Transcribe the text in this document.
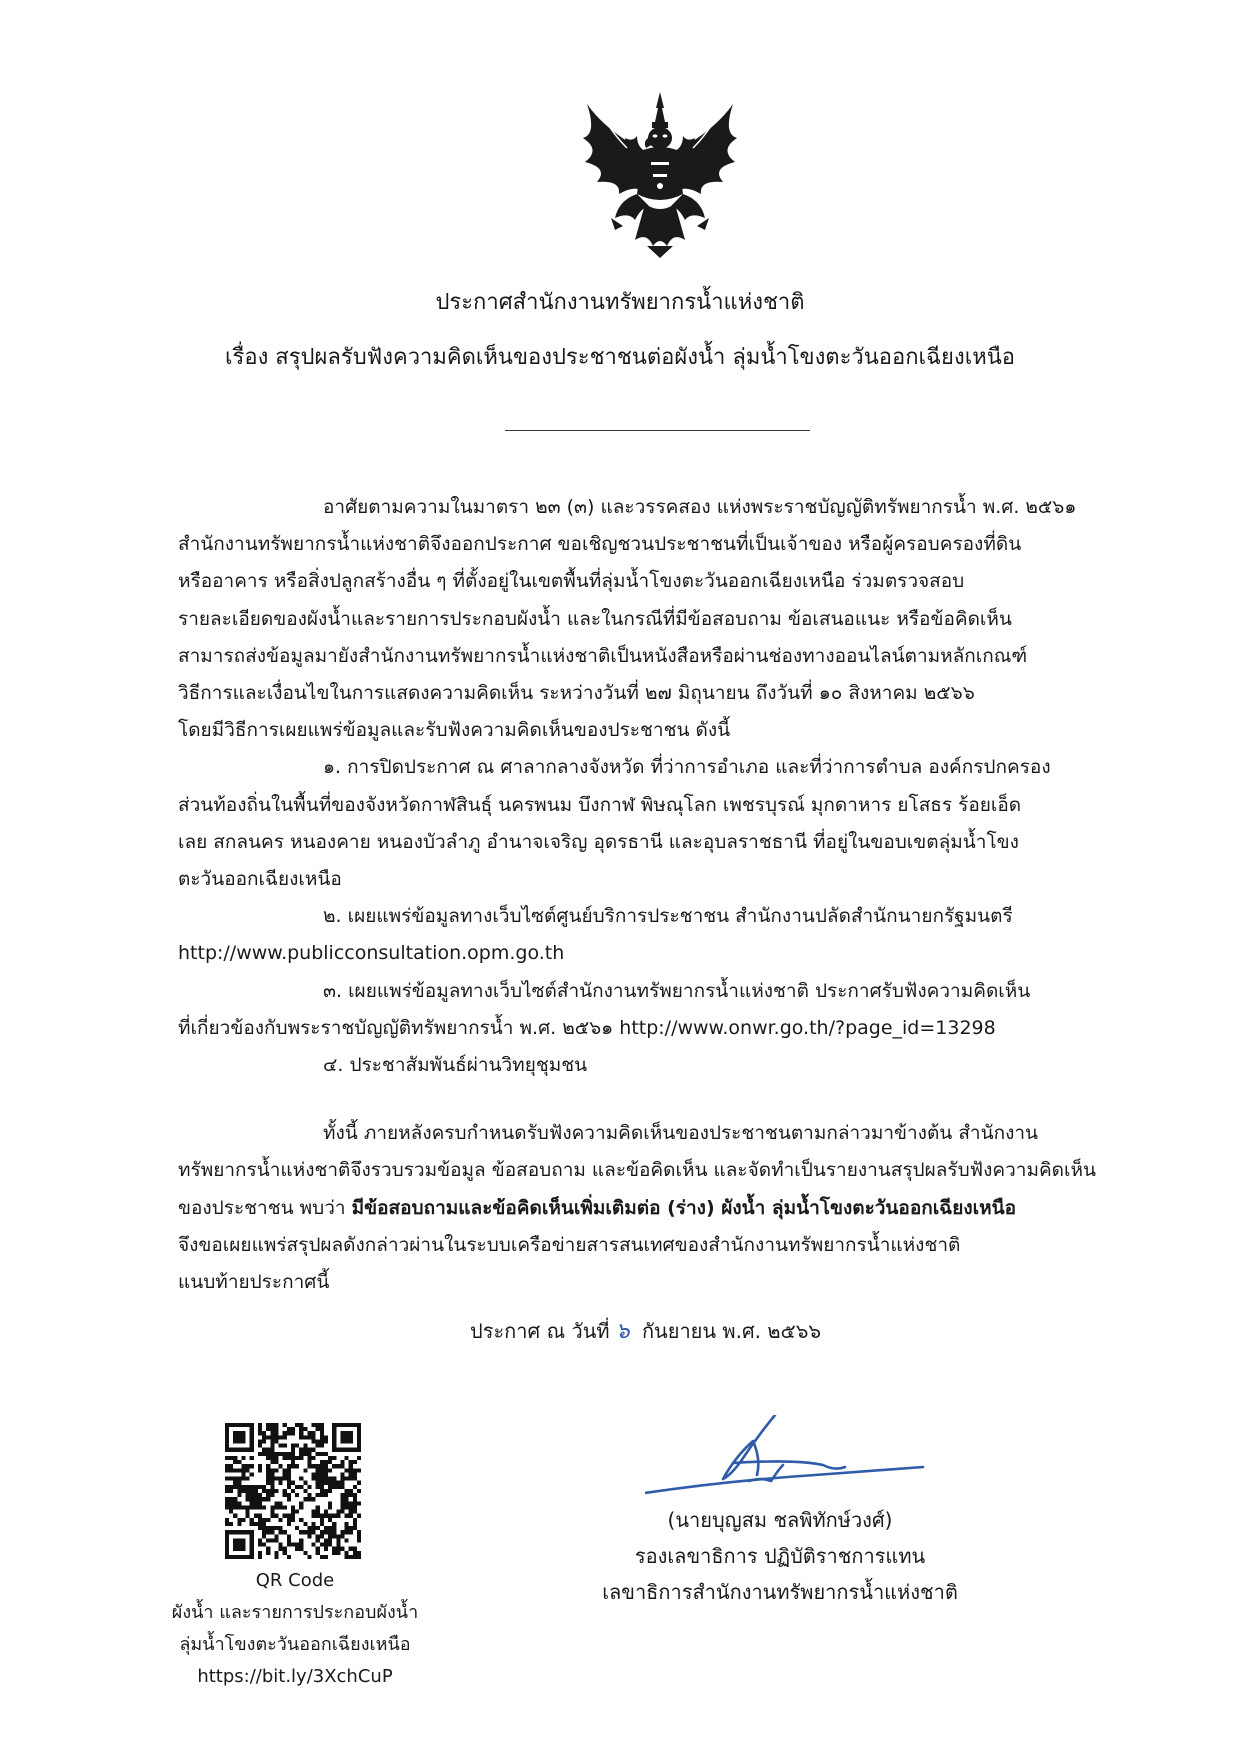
ประกาศสำนักงานทรัพยากรน้ำแห่งชาติ
เรื่อง สรุปผลรับฟังความคิดเห็นของประชาชนต่อผังน้ำ ลุ่มน้ำโขงตะวันออกเฉียงเหนือ

อาศัยตามความในมาตรา ๒๓ (๓) และวรรคสอง แห่งพระราชบัญญัติทรัพยากรน้ำ พ.ศ. ๒๕๖๑

สำนักงานทรัพยากรน้ำแห่งชาติจึงออกประกาศ ขอเชิญชวนประชาชนที่เป็นเจ้าของ หรือผู้ครอบครองที่ดิน

หรืออาคาร หรือสิ่งปลูกสร้างอื่น ๆ ที่ตั้งอยู่ในเขตพื้นที่ลุ่มน้ำโขงตะวันออกเฉียงเหนือ ร่วมตรวจสอบ

รายละเอียดของผังน้ำและรายการประกอบผังน้ำ และในกรณีที่มีข้อสอบถาม ข้อเสนอแนะ หรือข้อคิดเห็น

สามารถส่งข้อมูลมายังสำนักงานทรัพยากรน้ำแห่งชาติเป็นหนังสือหรือผ่านช่องทางออนไลน์ตามหลักเกณฑ์

วิธีการและเงื่อนไขในการแสดงความคิดเห็น ระหว่างวันที่ ๒๗ มิถุนายน ถึงวันที่ ๑๐ สิงหาคม ๒๕๖๖

โดยมีวิธีการเผยแพร่ข้อมูลและรับฟังความคิดเห็นของประชาชน ดังนี้

๑. การปิดประกาศ ณ ศาลากลางจังหวัด ที่ว่าการอำเภอ และที่ว่าการตำบล องค์กรปกครอง

ส่วนท้องถิ่นในพื้นที่ของจังหวัดกาฬสินธุ์ นครพนม บึงกาฬ พิษณุโลก เพชรบุรณ์ มุกดาหาร ยโสธร ร้อยเอ็ด

เลย สกลนคร หนองคาย หนองบัวลำภู อำนาจเจริญ อุดรธานี และอุบลราชธานี ที่อยู่ในขอบเขตลุ่มน้ำโขง

ตะวันออกเฉียงเหนือ

๒. เผยแพร่ข้อมูลทางเว็บไซต์ศูนย์บริการประชาชน สำนักงานปลัดสำนักนายกรัฐมนตรี

http://www.publicconsultation.opm.go.th

๓. เผยแพร่ข้อมูลทางเว็บไซต์สำนักงานทรัพยากรน้ำแห่งชาติ ประกาศรับฟังความคิดเห็น

ที่เกี่ยวข้องกับพระราชบัญญัติทรัพยากรน้ำ พ.ศ. ๒๕๖๑ http://www.onwr.go.th/?page_id=13298

๔. ประชาสัมพันธ์ผ่านวิทยุชุมชน

ทั้งนี้ ภายหลังครบกำหนดรับฟังความคิดเห็นของประชาชนตามกล่าวมาข้างต้น สำนักงาน

ทรัพยากรน้ำแห่งชาติจึงรวบรวมข้อมูล ข้อสอบถาม และข้อคิดเห็น และจัดทำเป็นรายงานสรุปผลรับฟังความคิดเห็น

ของประชาชน พบว่า มีข้อสอบถามและข้อคิดเห็นเพิ่มเติมต่อ (ร่าง) ผังน้ำ ลุ่มน้ำโขงตะวันออกเฉียงเหนือ

จึงขอเผยแพร่สรุปผลดังกล่าวผ่านในระบบเครือข่ายสารสนเทศของสำนักงานทรัพยากรน้ำแห่งชาติ

แนบท้ายประกาศนี้

ประกาศ ณ วันที่ ๖ กันยายน พ.ศ. ๒๕๖๖
QR Code
ผังน้ำ และรายการประกอบผังน้ำ
ลุ่มน้ำโขงตะวันออกเฉียงเหนือ
https://bit.ly/3XchCuP
(นายบุญสม ชลพิทักษ์วงศ์)
รองเลขาธิการ ปฏิบัติราชการแทน
เลขาธิการสำนักงานทรัพยากรน้ำแห่งชาติ
